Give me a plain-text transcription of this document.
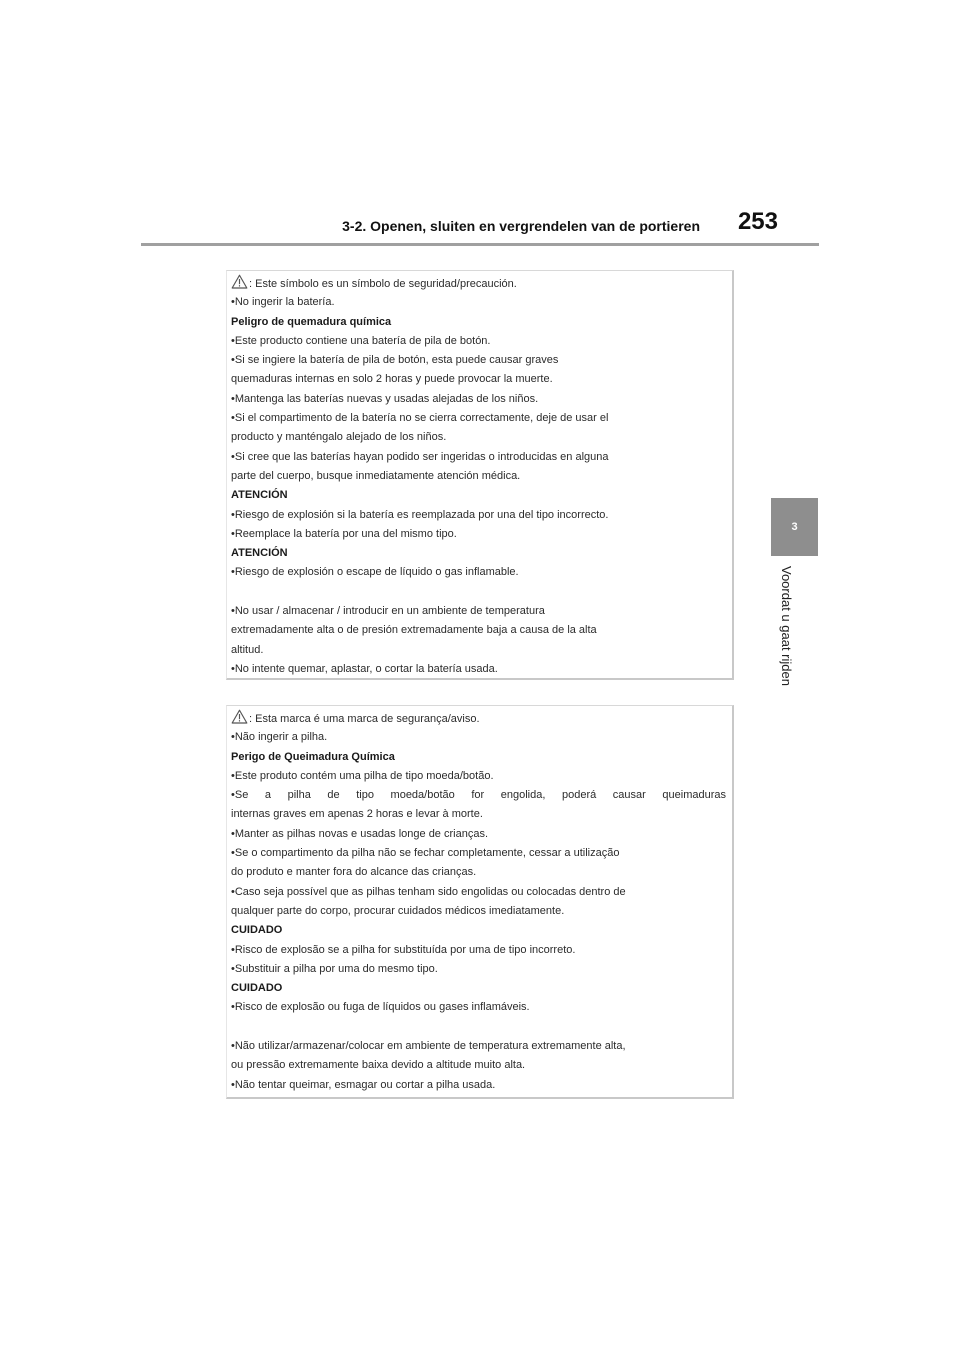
3-2. Openen, sluiten en vergrendelen van de portieren	253
3
Voordat u gaat rijden
: Este símbolo es un símbolo de seguridad/precaución.
•No ingerir la batería.
Peligro de quemadura química
•Este producto contiene una batería de pila de botón.
•Si se ingiere la batería de pila de botón, esta puede causar graves
quemaduras internas en solo 2 horas y puede provocar la muerte.
•Mantenga las baterías nuevas y usadas alejadas de los niños.
•Si el compartimento de la batería no se cierra correctamente, deje de usar el
producto y manténgalo alejado de los niños.
•Si cree que las baterías hayan podido ser ingeridas o introducidas en alguna
parte del cuerpo, busque inmediatamente atención médica.
ATENCIÓN
•Riesgo de explosión si la batería es reemplazada por una del tipo incorrecto.
•Reemplace la batería por una del mismo tipo.
ATENCIÓN
•Riesgo de explosión o escape de líquido o gas inflamable.
•No usar / almacenar / introducir en un ambiente de temperatura
extremadamente alta o de presión extremadamente baja a causa de la alta
altitud.
•No intente quemar, aplastar, o cortar la batería usada.
: Esta marca é uma marca de segurança/aviso.
•Não ingerir a pilha.
Perigo de Queimadura Química
•Este produto contém uma pilha de tipo moeda/botão.
•Se a pilha de tipo moeda/botão for engolida, poderá causar queimaduras
internas graves em apenas 2 horas e levar à morte.
•Manter as pilhas novas e usadas longe de crianças.
•Se o compartimento da pilha não se fechar completamente, cessar a utilização
do produto e manter fora do alcance das crianças.
•Caso seja possível que as pilhas tenham sido engolidas ou colocadas dentro de
qualquer parte do corpo, procurar cuidados médicos imediatamente.
CUIDADO
•Risco de explosão se a pilha for substituída por uma de tipo incorreto.
•Substituir a pilha por uma do mesmo tipo.
CUIDADO
•Risco de explosão ou fuga de líquidos ou gases inflamáveis.
•Não utilizar/armazenar/colocar em ambiente de temperatura extremamente alta,
ou pressão extremamente baixa devido a altitude muito alta.
•Não tentar queimar, esmagar ou cortar a pilha usada.
